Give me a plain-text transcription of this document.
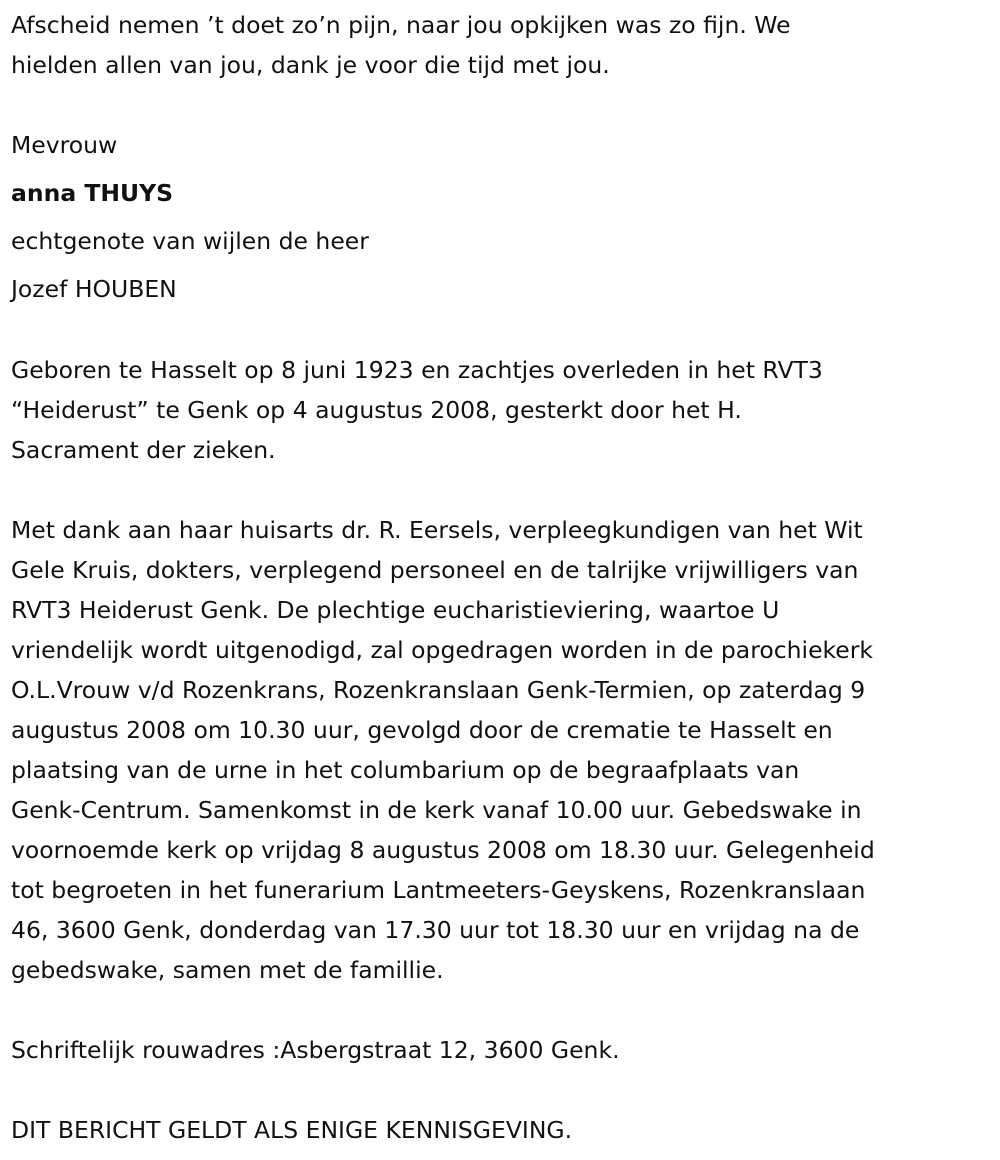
Afscheid nemen ’t doet zo’n pijn, naar jou opkijken was zo fijn. We
hielden allen van jou, dank je voor die tijd met jou.

Mevrouw
anna THUYS
echtgenote van wijlen de heer
Jozef HOUBEN

Geboren te Hasselt op 8 juni 1923 en zachtjes overleden in het RVT3
“Heiderust” te Genk op 4 augustus 2008, gesterkt door het H.
Sacrament der zieken.

Met dank aan haar huisarts dr. R. Eersels, verpleegkundigen van het Wit
Gele Kruis, dokters, verplegend personeel en de talrijke vrijwilligers van
RVT3 Heiderust Genk. De plechtige eucharistieviering, waartoe U
vriendelijk wordt uitgenodigd, zal opgedragen worden in de parochiekerk
O.L.Vrouw v/d Rozenkrans, Rozenkranslaan Genk-Termien, op zaterdag 9
augustus 2008 om 10.30 uur, gevolgd door de crematie te Hasselt en
plaatsing van de urne in het columbarium op de begraafplaats van
Genk-Centrum. Samenkomst in de kerk vanaf 10.00 uur. Gebedswake in
voornoemde kerk op vrijdag 8 augustus 2008 om 18.30 uur. Gelegenheid
tot begroeten in het funerarium Lantmeeters-Geyskens, Rozenkranslaan
46, 3600 Genk, donderdag van 17.30 uur tot 18.30 uur en vrijdag na de
gebedswake, samen met de famillie.

Schriftelijk rouwadres :Asbergstraat 12, 3600 Genk.

DIT BERICHT GELDT ALS ENIGE KENNISGEVING.
